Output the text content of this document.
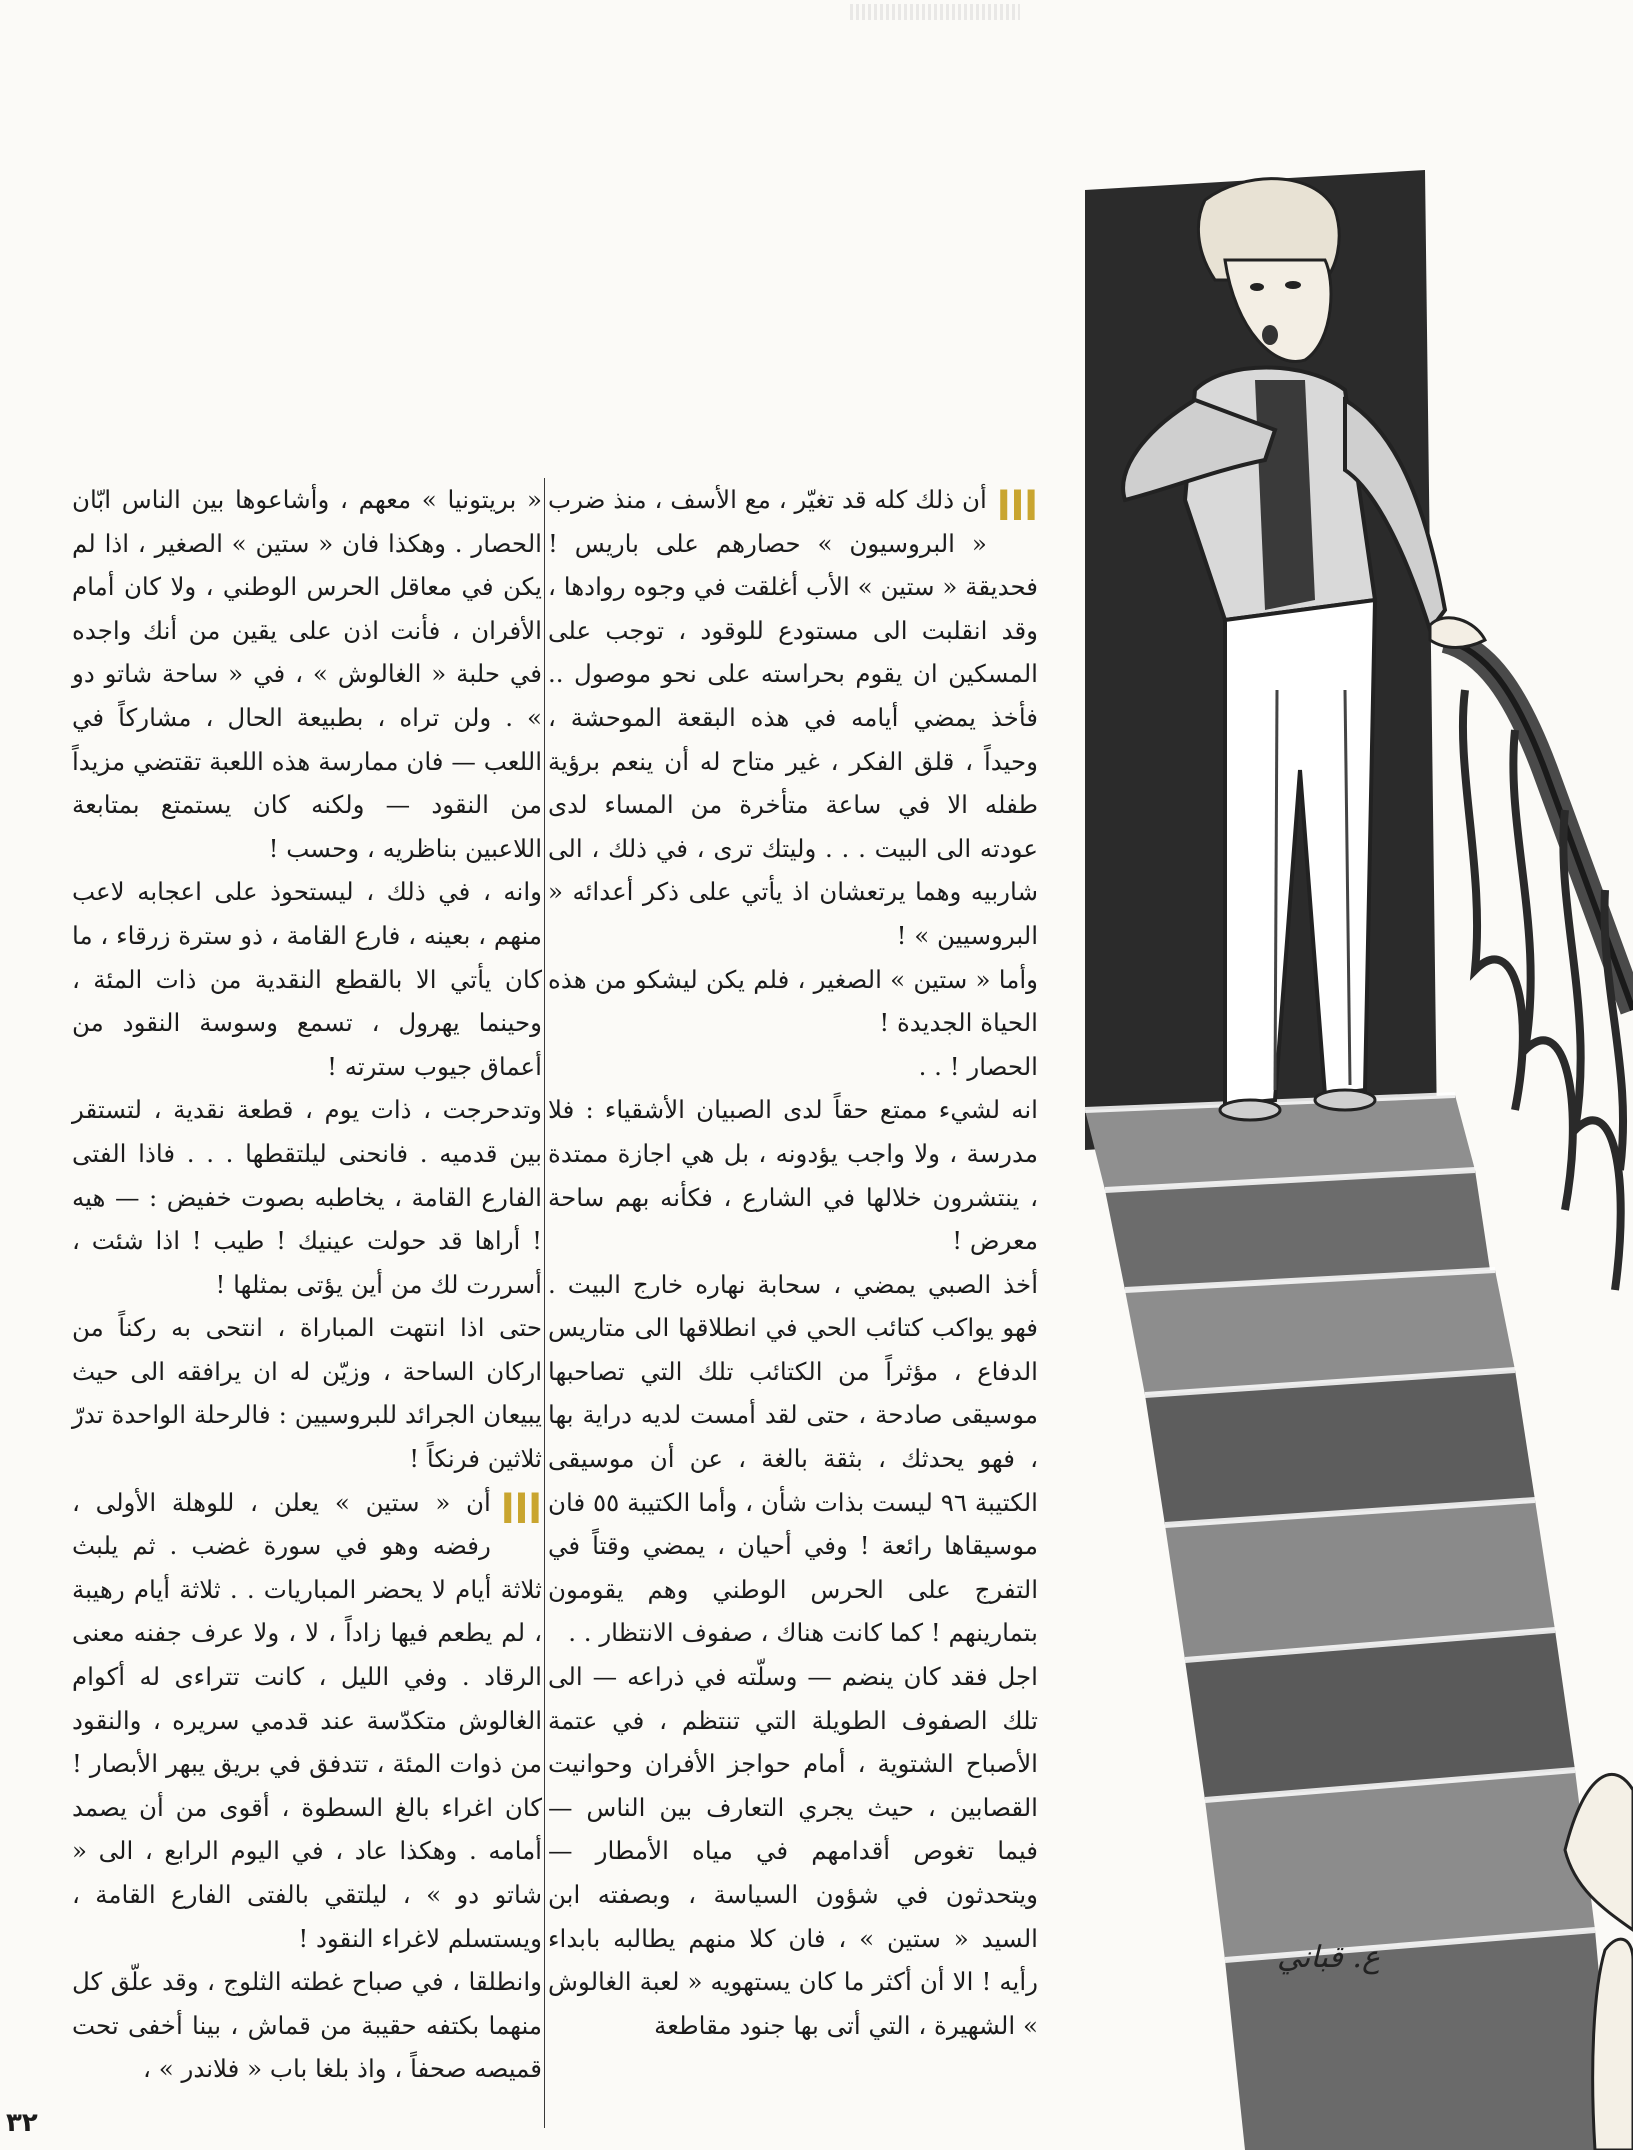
ااا
أن ذلك كله قد تغيّر ، مع الأسف ، منذ ضرب « البروسيون » حصارهم على باريس ! فحديقة « ستين » الأب أغلقت في وجوه روادها ، وقد انقلبت الى مستودع للوقود ، توجب على المسكين ان يقوم بحراسته على نحو موصول .. فأخذ يمضي أيامه في هذه البقعة الموحشة ، وحيداً ، قلق الفكر ، غير متاح له أن ينعم برؤية طفله الا في ساعة متأخرة من المساء لدى عودته الى البيت . . . وليتك ترى ، في ذلك ، الى شاربيه وهما يرتعشان اذ يأتي على ذكر أعدائه « البروسيين » !

وأما « ستين » الصغير ، فلم يكن ليشكو من هذه الحياة الجديدة !

الحصار ! . .

انه لشيء ممتع حقاً لدى الصبيان الأشقياء : فلا مدرسة ، ولا واجب يؤدونه ، بل هي اجازة ممتدة ، ينتشرون خلالها في الشارع ، فكأنه بهم ساحة معرض !

أخذ الصبي يمضي ، سحابة نهاره خارج البيت . فهو يواكب كتائب الحي في انطلاقها الى متاريس الدفاع ، مؤثراً من الكتائب تلك التي تصاحبها موسيقى صادحة ، حتى لقد أمست لديه دراية بها ، فهو يحدثك ، بثقة بالغة ، عن أن موسيقى الكتيبة ٩٦ ليست بذات شأن ، وأما الكتيبة ٥٥ فان موسيقاها رائعة ! وفي أحيان ، يمضي وقتاً في التفرج على الحرس الوطني وهم يقومون بتمارينهم ! كما كانت هناك ، صفوف الانتظار . .

اجل فقد كان ينضم — وسلّته في ذراعه — الى تلك الصفوف الطويلة التي تنتظم ، في عتمة الأصباح الشتوية ، أمام حواجز الأفران وحوانيت القصابين ، حيث يجري التعارف بين الناس — فيما تغوص أقدامهم في مياه الأمطار — ويتحدثون في شؤون السياسة ، وبصفته ابن السيد « ستين » ، فان كلا منهم يطالبه بابداء رأيه ! الا أن أكثر ما كان يستهويه « لعبة الغالوش » الشهيرة ، التي أتى بها جنود مقاطعة

« بريتونيا » معهم ، وأشاعوها بين الناس ابّان الحصار . وهكذا فان « ستين » الصغير ، اذا لم يكن في معاقل الحرس الوطني ، ولا كان أمام الأفران ، فأنت اذن على يقين من أنك واجده في حلبة « الغالوش » ، في « ساحة شاتو دو » . ولن تراه ، بطبيعة الحال ، مشاركاً في اللعب — فان ممارسة هذه اللعبة تقتضي مزيداً من النقود — ولكنه كان يستمتع بمتابعة اللاعبين بناظريه ، وحسب !

وانه ، في ذلك ، ليستحوذ على اعجابه لاعب منهم ، بعينه ، فارع القامة ، ذو سترة زرقاء ، ما كان يأتي الا بالقطع النقدية من ذات المئة ، وحينما يهرول ، تسمع وسوسة النقود من أعماق جيوب سترته !

وتدحرجت ، ذات يوم ، قطعة نقدية ، لتستقر بين قدميه . فانحنى ليلتقطها . . . فاذا الفتى الفارع القامة ، يخاطبه بصوت خفيض : — هيه ! أراها قد حولت عينيك ! طيب ! اذا شئت ، أسررت لك من أين يؤتى بمثلها !

حتى اذا انتهت المباراة ، انتحى به ركناً من اركان الساحة ، وزيّن له ان يرافقه الى حيث يبيعان الجرائد للبروسيين : فالرحلة الواحدة تدرّ ثلاثين فرنكاً !

ااا
أن « ستين » يعلن ، للوهلة الأولى ، رفضه وهو في سورة غضب . ثم يلبث ثلاثة أيام لا يحضر المباريات . . ثلاثة أيام رهيبة ، لم يطعم فيها زاداً ، لا ، ولا عرف جفنه معنى الرقاد . وفي الليل ، كانت تتراءى له أكوام الغالوش متكدّسة عند قدمي سريره ، والنقود من ذوات المئة ، تتدفق في بريق يبهر الأبصار ! كان اغراء بالغ السطوة ، أقوى من أن يصمد أمامه . وهكذا عاد ، في اليوم الرابع ، الى « شاتو دو » ، ليلتقي بالفتى الفارع القامة ، ويستسلم لاغراء النقود !

وانطلقا ، في صباح غطته الثلوج ، وقد علّق كل منهما بكتفه حقيبة من قماش ، بينا أخفى تحت قميصه صحفاً ، واذ بلغا باب « فلاندر » ،

ع. قباني
٣٢
